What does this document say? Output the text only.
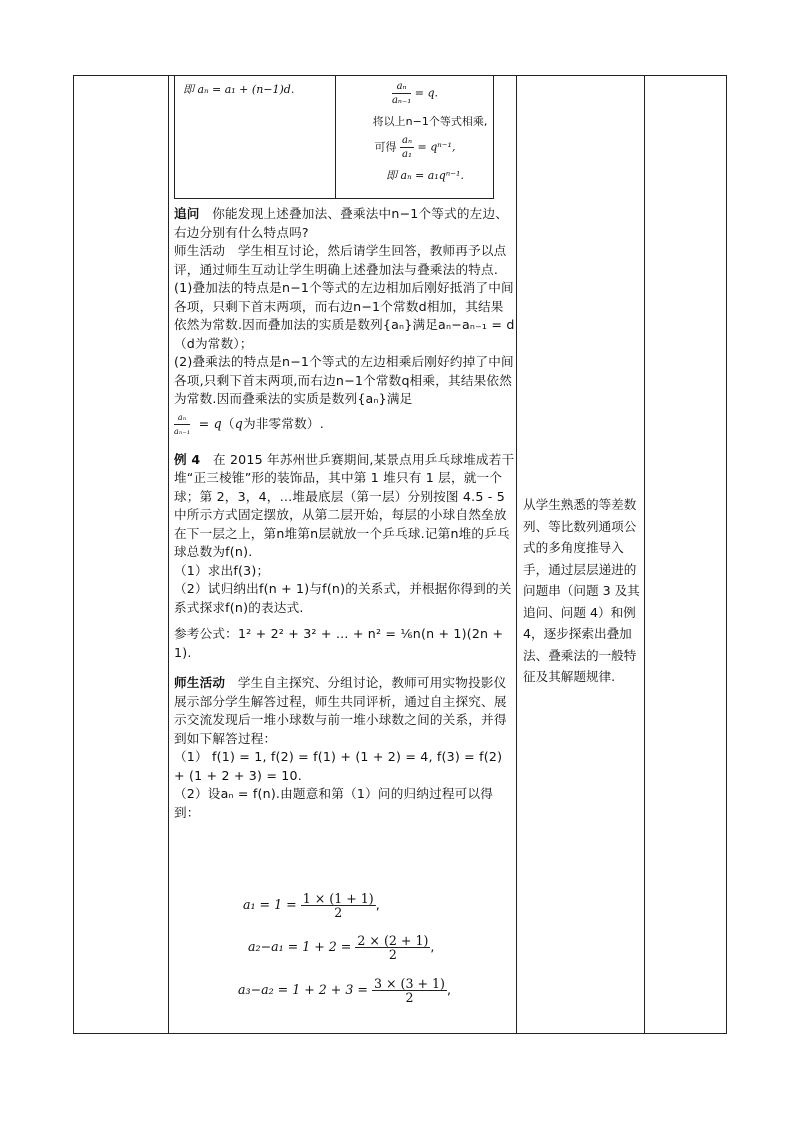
即 aₙ = a₁ + (n−1)d.	$\frac{\text{aₙ}}{\text{aₙ₋₁}} = q$.
将以上n−1个等式相乘,
可得 $\frac{\text{aₙ}}{\text{a₁}} = q^{n-1}$,
即 aₙ = a₁qⁿ⁻¹.

追问 你能发现上述叠加法、叠乘法中n−1个等式的左边、右边分别有什么特点吗?

师生活动 学生相互讨论，然后请学生回答，教师再予以点评，通过师生互动让学生明确上述叠加法与叠乘法的特点.

(1)叠加法的特点是n−1个等式的左边相加后刚好抵消了中间各项，只剩下首末两项，而右边n−1个常数d相加，其结果依然为常数.因而叠加法的实质是数列{aₙ}满足aₙ−aₙ₋₁ = d（d为常数）；

(2)叠乘法的特点是n−1个等式的左边相乘后刚好约掉了中间各项,只剩下首末两项,而右边n−1个常数q相乘，其结果依然为常数.因而叠乘法的实质是数列{aₙ}满足

$\frac{\text{aₙ}}{\text{aₙ₋₁}} = q(q$为非零常数）.

例 4 在 2015 年苏州世乒赛期间,某景点用乒乓球堆成若干堆“正三棱锥”形的装饰品，其中第 1 堆只有 1 层，就一个球；第 2，3，4，…堆最底层（第一层）分别按图 4.5 - 5 中所示方式固定摆放，从第二层开始，每层的小球自然垒放在下一层之上，第n堆第n层就放一个乒乓球.记第n堆的乒乓球总数为f(n).

（1）求出f(3)；

（2）试归纳出f(n + 1)与f(n)的关系式，并根据你得到的关系式探求f(n)的表达式.

参考公式：1² + 2² + 3² + … + n² = ⅙n(n + 1)(2n + 1).

师生活动 学生自主探究、分组讨论，教师可用实物投影仪展示部分学生解答过程，师生共同评析，通过自主探究、展示交流发现后一堆小球数与前一堆小球数之间的关系，并得到如下解答过程：

（1） f(1) = 1, f(2) = f(1) + (1 + 2) = 4, f(3) = f(2) + (1 + 2 + 3) = 10.

（2）设aₙ = f(n).由题意和第（1）问的归纳过程可以得到：

$a_1 = 1 = \frac{1 \times (1 + 1)}{2}$ ,
$a_2-a_1 = 1 + 2 = \frac{2 \times (2 + 1)}{2}$ ,
$a_3-a_2 = 1 + 2 + 3 = \frac{3 \times (3 + 1)}{2}$ ,
从学生熟悉的等差数列、等比数列通项公式的多角度推导入手，通过层层递进的问题串（问题 3 及其追问、问题 4）和例 4，逐步探索出叠加法、叠乘法的一般特征及其解题规律.
